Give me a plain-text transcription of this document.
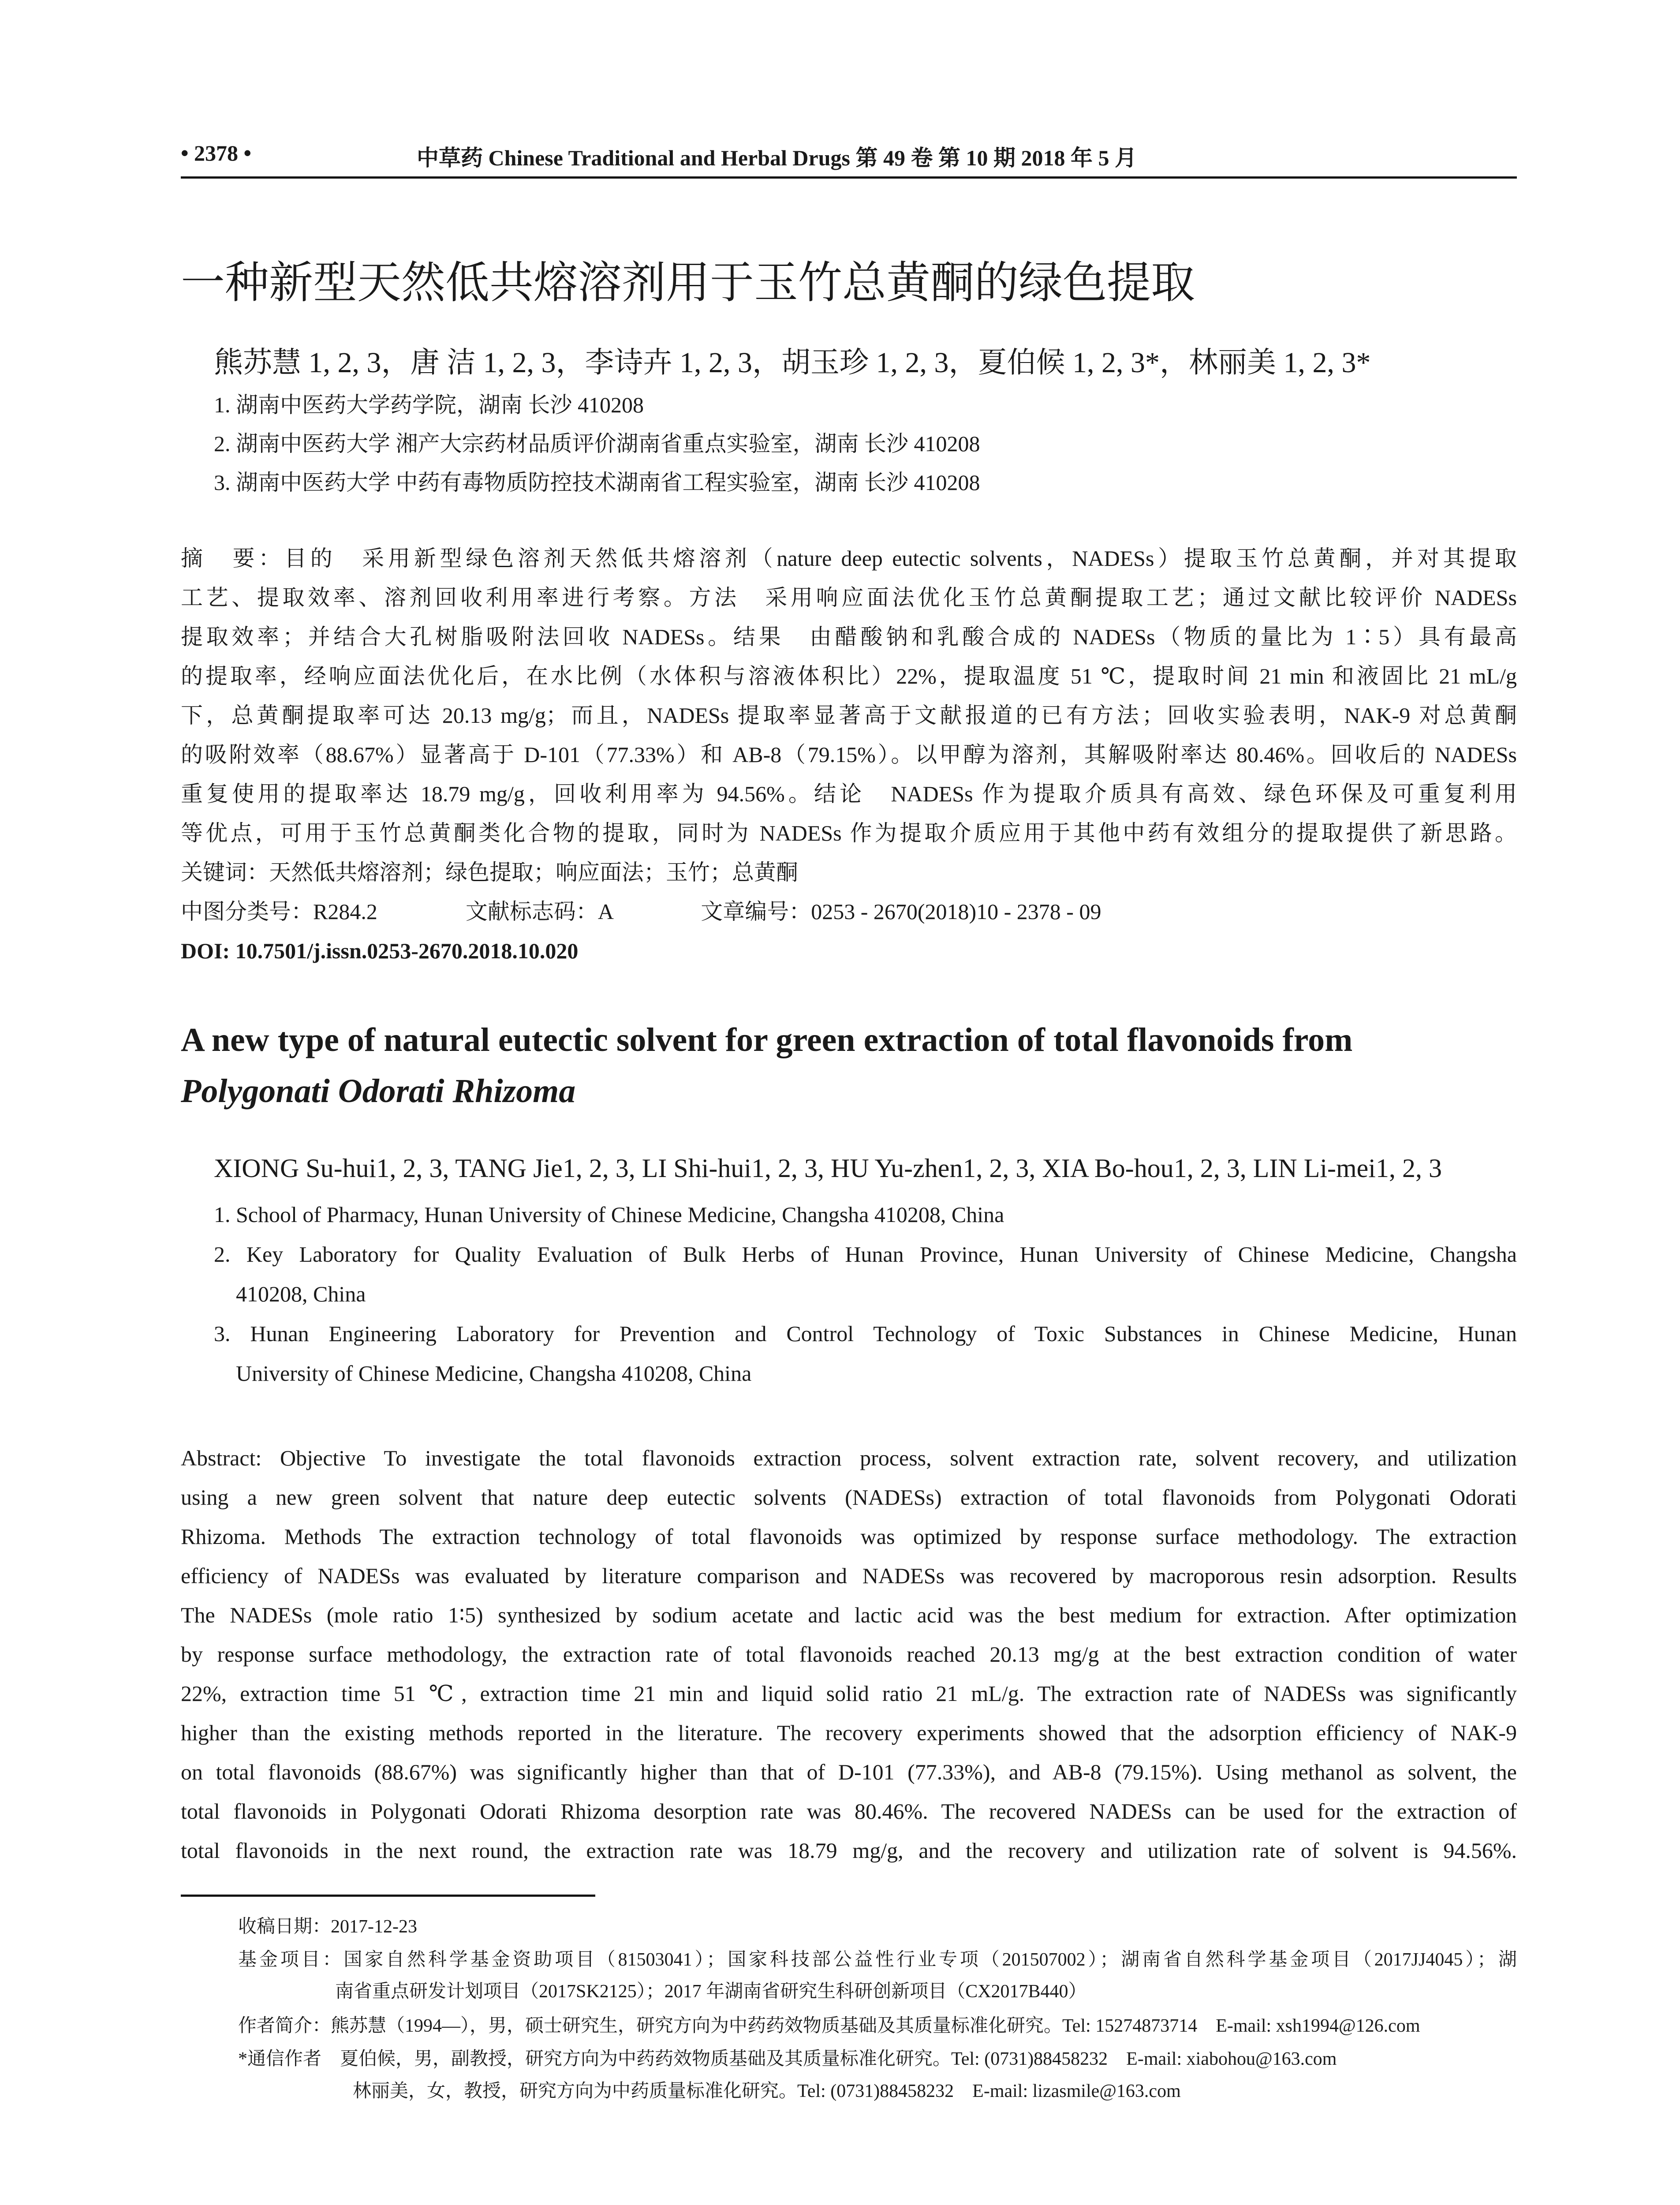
• 2378 •	中草药 Chinese Traditional and Herbal Drugs 第 49 卷 第 10 期 2018 年 5 月
一种新型天然低共熔溶剂用于玉竹总黄酮的绿色提取
熊苏慧 1, 2, 3，唐 洁 1, 2, 3，李诗卉 1, 2, 3，胡玉珍 1, 2, 3，夏伯候 1, 2, 3*，林丽美 1, 2, 3*
1. 湖南中医药大学药学院，湖南 长沙 410208
2. 湖南中医药大学 湘产大宗药材品质评价湖南省重点实验室，湖南 长沙 410208
3. 湖南中医药大学 中药有毒物质防控技术湖南省工程实验室，湖南 长沙 410208
摘　要：目的　采用新型绿色溶剂天然低共熔溶剂（nature deep eutectic solvents，NADESs）提取玉竹总黄酮，并对其提取
工艺、提取效率、溶剂回收利用率进行考察。方法　采用响应面法优化玉竹总黄酮提取工艺；通过文献比较评价 NADESs
提取效率；并结合大孔树脂吸附法回收 NADESs。结果　由醋酸钠和乳酸合成的 NADESs（物质的量比为 1∶5）具有最高
的提取率，经响应面法优化后，在水比例（水体积与溶液体积比）22%，提取温度 51 ℃，提取时间 21 min 和液固比 21 mL/g
下，总黄酮提取率可达 20.13 mg/g；而且，NADESs 提取率显著高于文献报道的已有方法；回收实验表明，NAK-9 对总黄酮
的吸附效率（88.67%）显著高于 D-101（77.33%）和 AB-8（79.15%）。以甲醇为溶剂，其解吸附率达 80.46%。回收后的 NADESs
重复使用的提取率达 18.79 mg/g，回收利用率为 94.56%。结论　NADESs 作为提取介质具有高效、绿色环保及可重复利用
等优点，可用于玉竹总黄酮类化合物的提取，同时为 NADESs 作为提取介质应用于其他中药有效组分的提取提供了新思路。
关键词：天然低共熔溶剂；绿色提取；响应面法；玉竹；总黄酮
中图分类号：R284.2　　　　文献标志码：A　　　　文章编号：0253 - 2670(2018)10 - 2378 - 09
DOI: 10.7501/j.issn.0253-2670.2018.10.020
A new type of natural eutectic solvent for green extraction of total flavonoids from
Polygonati Odorati Rhizoma
XIONG Su-hui1, 2, 3, TANG Jie1, 2, 3, LI Shi-hui1, 2, 3, HU Yu-zhen1, 2, 3, XIA Bo-hou1, 2, 3, LIN Li-mei1, 2, 3
1. School of Pharmacy, Hunan University of Chinese Medicine, Changsha 410208, China
2. Key Laboratory for Quality Evaluation of Bulk Herbs of Hunan Province, Hunan University of Chinese Medicine, Changsha
410208, China
3. Hunan Engineering Laboratory for Prevention and Control Technology of Toxic Substances in Chinese Medicine, Hunan
University of Chinese Medicine, Changsha 410208, China
Abstract: Objective To investigate the total flavonoids extraction process, solvent extraction rate, solvent recovery, and utilization
using a new green solvent that nature deep eutectic solvents (NADESs) extraction of total flavonoids from Polygonati Odorati
Rhizoma. Methods The extraction technology of total flavonoids was optimized by response surface methodology. The extraction
efficiency of NADESs was evaluated by literature comparison and NADESs was recovered by macroporous resin adsorption. Results
The NADESs (mole ratio 1∶5) synthesized by sodium acetate and lactic acid was the best medium for extraction. After optimization
by response surface methodology, the extraction rate of total flavonoids reached 20.13 mg/g at the best extraction condition of water
22%, extraction time 51 ℃, extraction time 21 min and liquid solid ratio 21 mL/g. The extraction rate of NADESs was significantly
higher than the existing methods reported in the literature. The recovery experiments showed that the adsorption efficiency of NAK-9
on total flavonoids (88.67%) was significantly higher than that of D-101 (77.33%), and AB-8 (79.15%). Using methanol as solvent, the
total flavonoids in Polygonati Odorati Rhizoma desorption rate was 80.46%. The recovered NADESs can be used for the extraction of
total flavonoids in the next round, the extraction rate was 18.79 mg/g, and the recovery and utilization rate of solvent is 94.56%.
收稿日期：2017-12-23
基金项目：国家自然科学基金资助项目（81503041）；国家科技部公益性行业专项（201507002）；湖南省自然科学基金项目（2017JJ4045）；湖
南省重点研发计划项目（2017SK2125）；2017 年湖南省研究生科研创新项目（CX2017B440）
作者简介：熊苏慧（1994—），男，硕士研究生，研究方向为中药药效物质基础及其质量标准化研究。Tel: 15274873714　E-mail: xsh1994@126.com
*通信作者　夏伯候，男，副教授，研究方向为中药药效物质基础及其质量标准化研究。Tel: (0731)88458232　E-mail: xiabohou@163.com
林丽美，女，教授，研究方向为中药质量标准化研究。Tel: (0731)88458232　E-mail: lizasmile@163.com
